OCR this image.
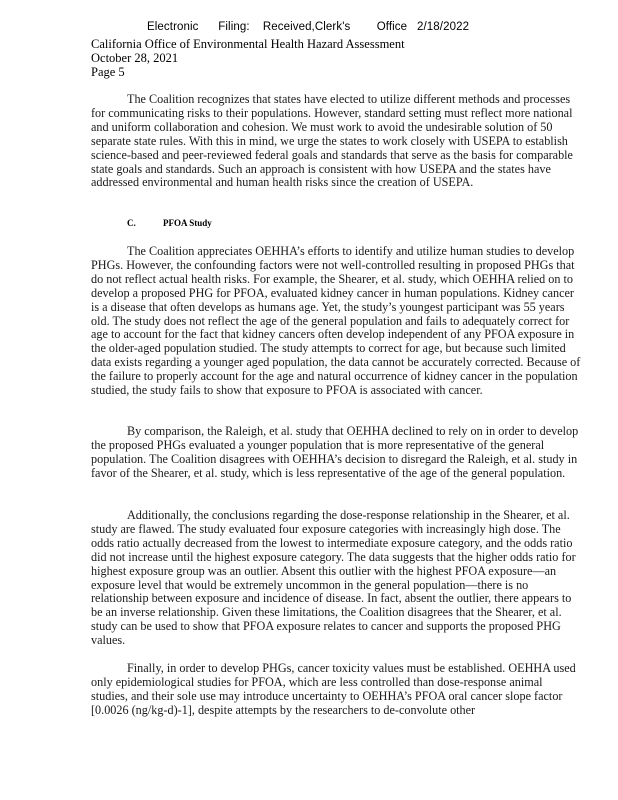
Electronic      Filing:    Received,Clerk's        Office   2/18/2022
California Office of Environmental Health Hazard Assessment
October 28, 2021
Page 5

The Coalition recognizes that states have elected to utilize different methods and processes for communicating risks to their populations. However, standard setting must reflect more national and uniform collaboration and cohesion. We must work to avoid the undesirable solution of 50 separate state rules. With this in mind, we urge the states to work closely with USEPA to establish science-based and peer-reviewed federal goals and standards that serve as the basis for comparable state goals and standards. Such an approach is consistent with how USEPA and the states have addressed environmental and human health risks since the creation of USEPA.

C.	PFOA Study

The Coalition appreciates OEHHA’s efforts to identify and utilize human studies to develop PHGs. However, the confounding factors were not well-controlled resulting in proposed PHGs that do not reflect actual health risks. For example, the Shearer, et al. study, which OEHHA relied on to develop a proposed PHG for PFOA, evaluated kidney cancer in human populations. Kidney cancer is a disease that often develops as humans age. Yet, the study’s youngest participant was 55 years old. The study does not reflect the age of the general population and fails to adequately correct for age to account for the fact that kidney cancers often develop independent of any PFOA exposure in the older-aged population studied. The study attempts to correct for age, but because such limited data exists regarding a younger aged population, the data cannot be accurately corrected. Because of the failure to properly account for the age and natural occurrence of kidney cancer in the population studied, the study fails to show that exposure to PFOA is associated with cancer.

By comparison, the Raleigh, et al. study that OEHHA declined to rely on in order to develop the proposed PHGs evaluated a younger population that is more representative of the general population. The Coalition disagrees with OEHHA’s decision to disregard the Raleigh, et al. study in favor of the Shearer, et al. study, which is less representative of the age of the general population.

Additionally, the conclusions regarding the dose-response relationship in the Shearer, et al. study are flawed. The study evaluated four exposure categories with increasingly high dose. The odds ratio actually decreased from the lowest to intermediate exposure category, and the odds ratio did not increase until the highest exposure category. The data suggests that the higher odds ratio for highest exposure group was an outlier. Absent this outlier with the highest PFOA exposure—an exposure level that would be extremely uncommon in the general population—there is no relationship between exposure and incidence of disease. In fact, absent the outlier, there appears to be an inverse relationship. Given these limitations, the Coalition disagrees that the Shearer, et al. study can be used to show that PFOA exposure relates to cancer and supports the proposed PHG values.

Finally, in order to develop PHGs, cancer toxicity values must be established. OEHHA used only epidemiological studies for PFOA, which are less controlled than dose-response animal studies, and their sole use may introduce uncertainty to OEHHA’s PFOA oral cancer slope factor [0.0026 (ng/kg-d)-1], despite attempts by the researchers to de-convolute other
